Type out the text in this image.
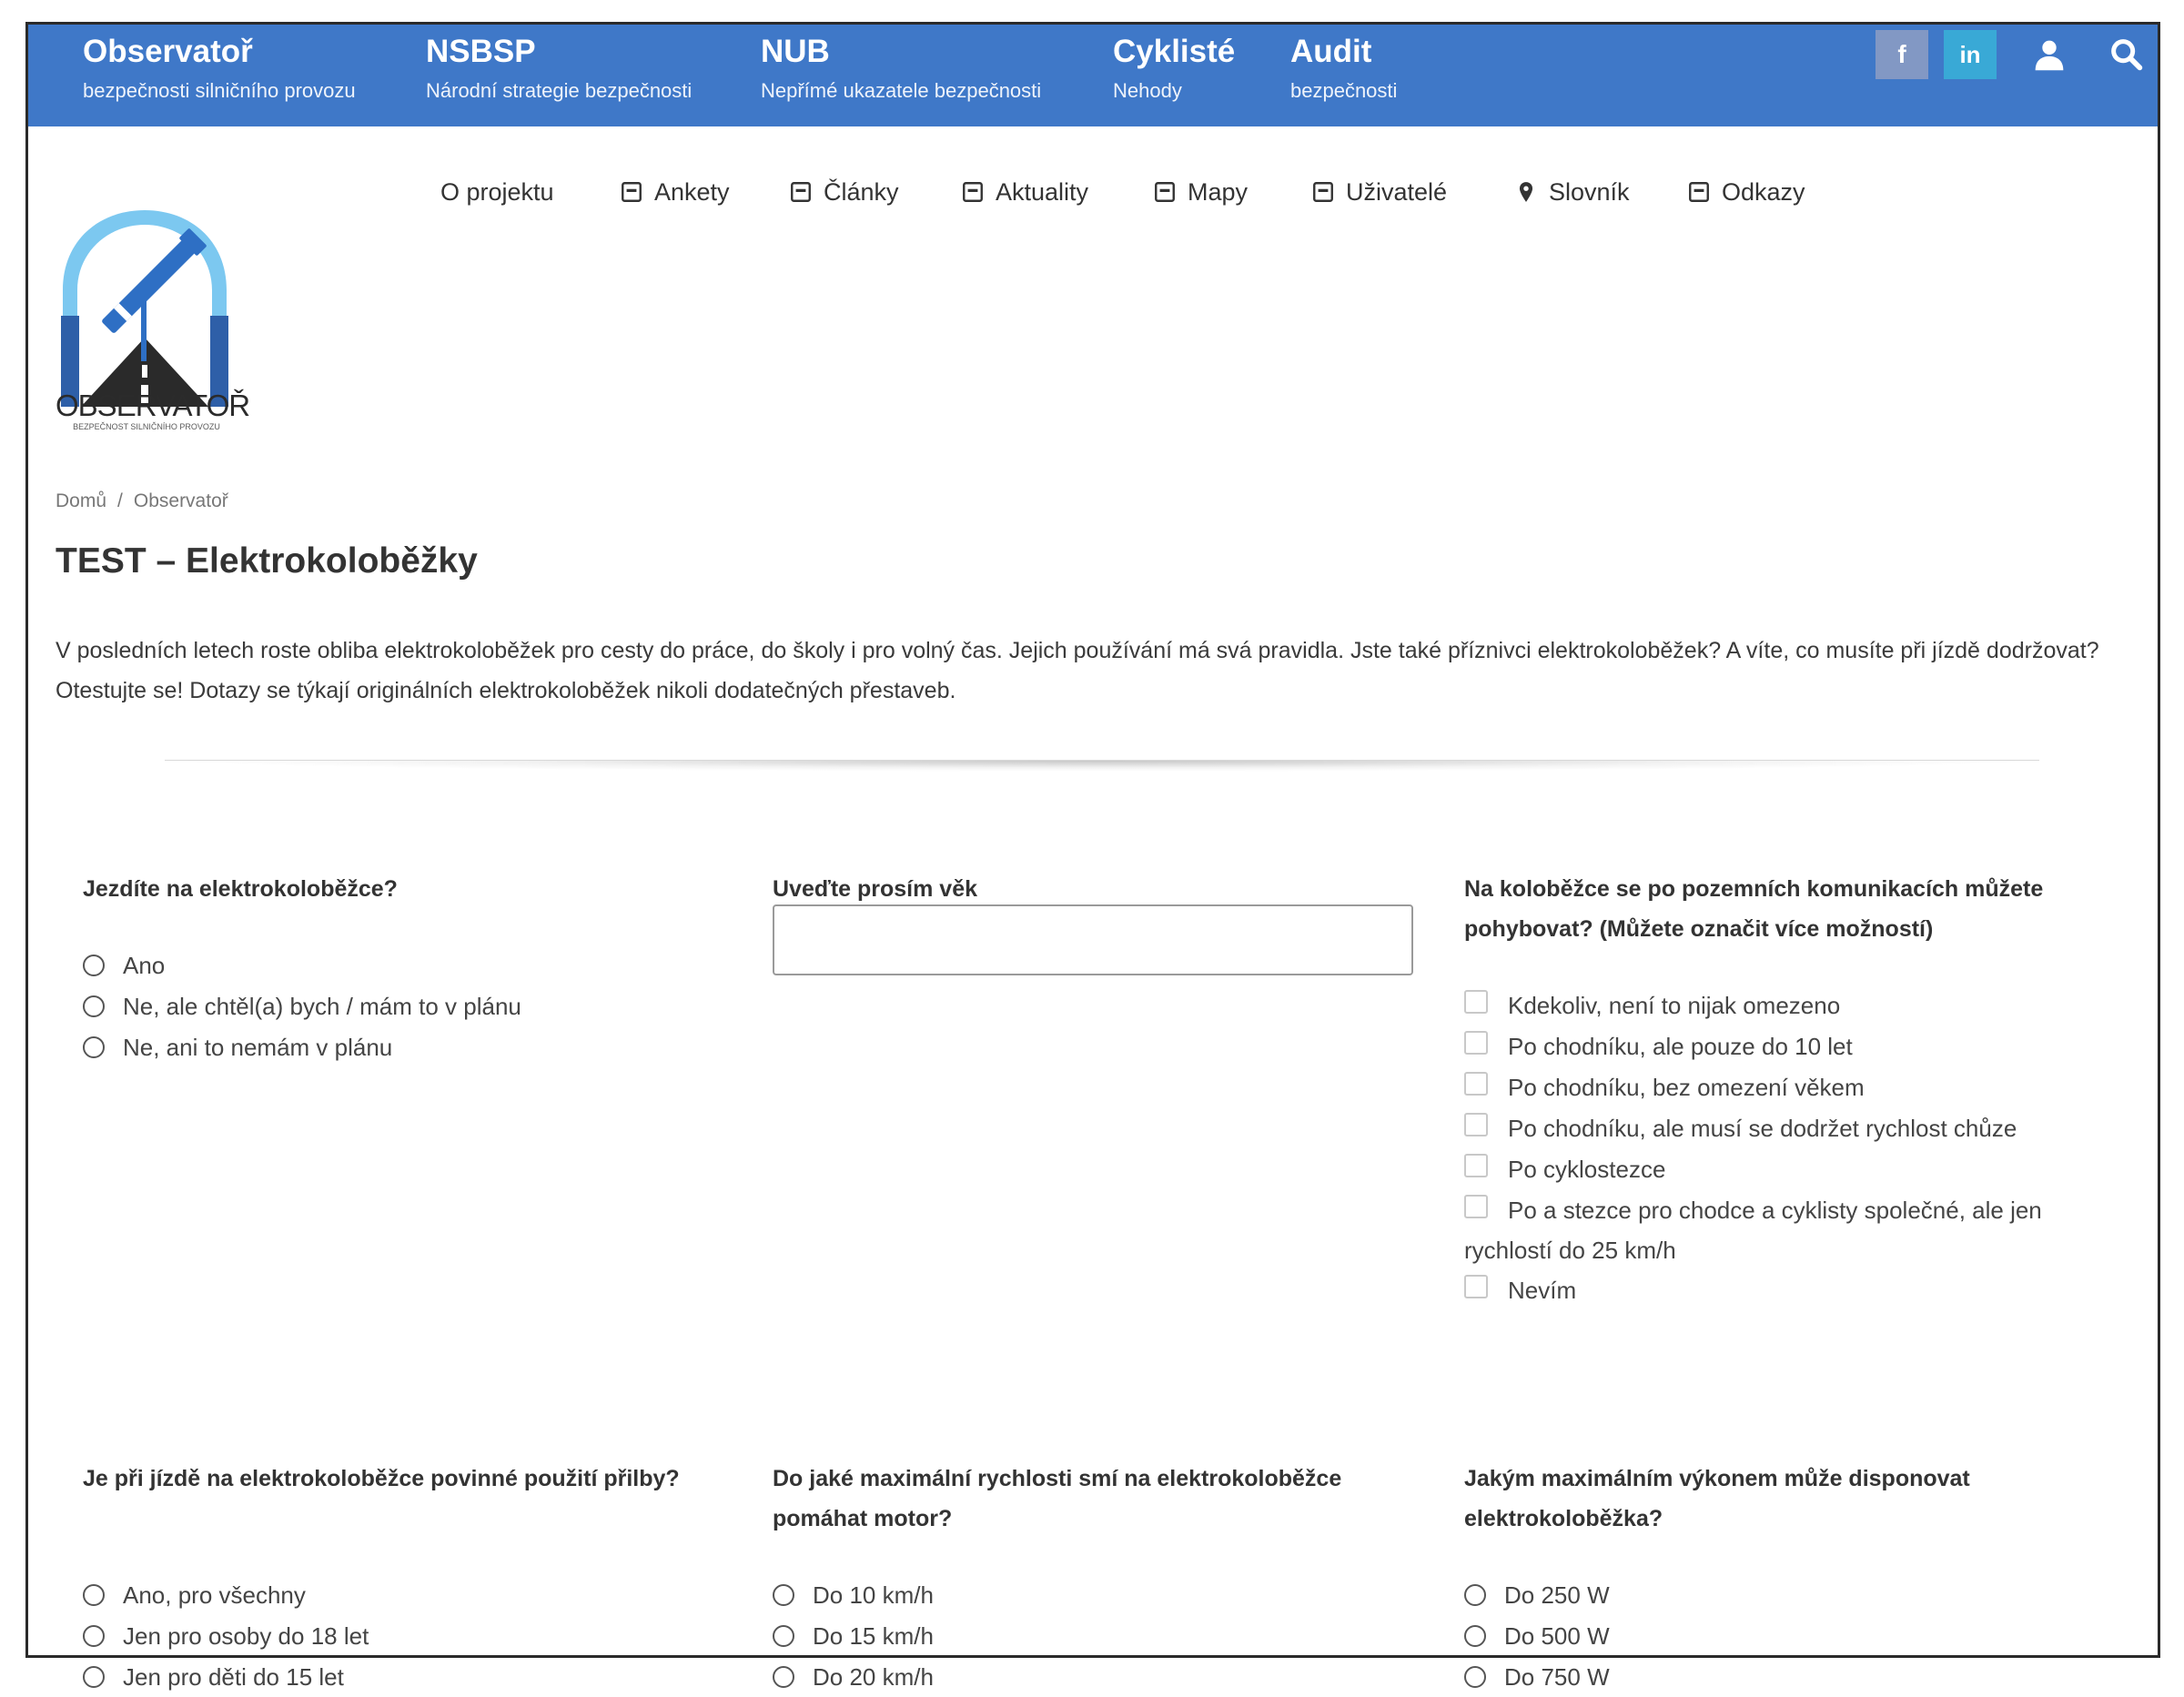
Observatoř
bezpečnosti silničního provozu
NSBSP
Národní strategie bezpečnosti
NUB
Nepřímé ukazatele bezpečnosti
Cyklisté
Nehody
Audit
bezpečnosti
f in
O projektu	Ankety	Články	Aktuality	Mapy	Uživatelé	Slovník	Odkazy
OBSERVATOŘ
BEZPEČNOST SILNIČNÍHO PROVOZU
Domů / Observatoř
TEST – Elektrokoloběžky
V posledních letech roste obliba elektrokoloběžek pro cesty do práce, do školy i pro volný čas. Jejich používání má svá pravidla. Jste také příznivci elektrokoloběžek? A víte, co musíte při jízdě dodržovat? Otestujte se! Dotazy se týkají originálních elektrokoloběžek nikoli dodatečných přestaveb.
Jezdíte na elektrokoloběžce?
Ano
Ne, ale chtěl(a) bych / mám to v plánu
Ne, ani to nemám v plánu
Uveďte prosím věk	Na koloběžce se po pozemních komunikacích můžete pohybovat? (Můžete označit více možností)
Kdekoliv, není to nijak omezeno
Po chodníku, ale pouze do 10 let
Po chodníku, bez omezení věkem
Po chodníku, ale musí se dodržet rychlost chůze
Po cyklostezce
Po a stezce pro chodce a cyklisty společné, ale jen rychlostí do 25 km/h
Nevím
Je při jízdě na elektrokoloběžce povinné použití přilby?
Ano, pro všechny
Jen pro osoby do 18 let
Jen pro děti do 15 let
Do jaké maximální rychlosti smí na elektrokoloběžce pomáhat motor?
Do 10 km/h
Do 15 km/h
Do 20 km/h
Jakým maximálním výkonem může disponovat elektrokoloběžka?
Do 250 W
Do 500 W
Do 750 W
